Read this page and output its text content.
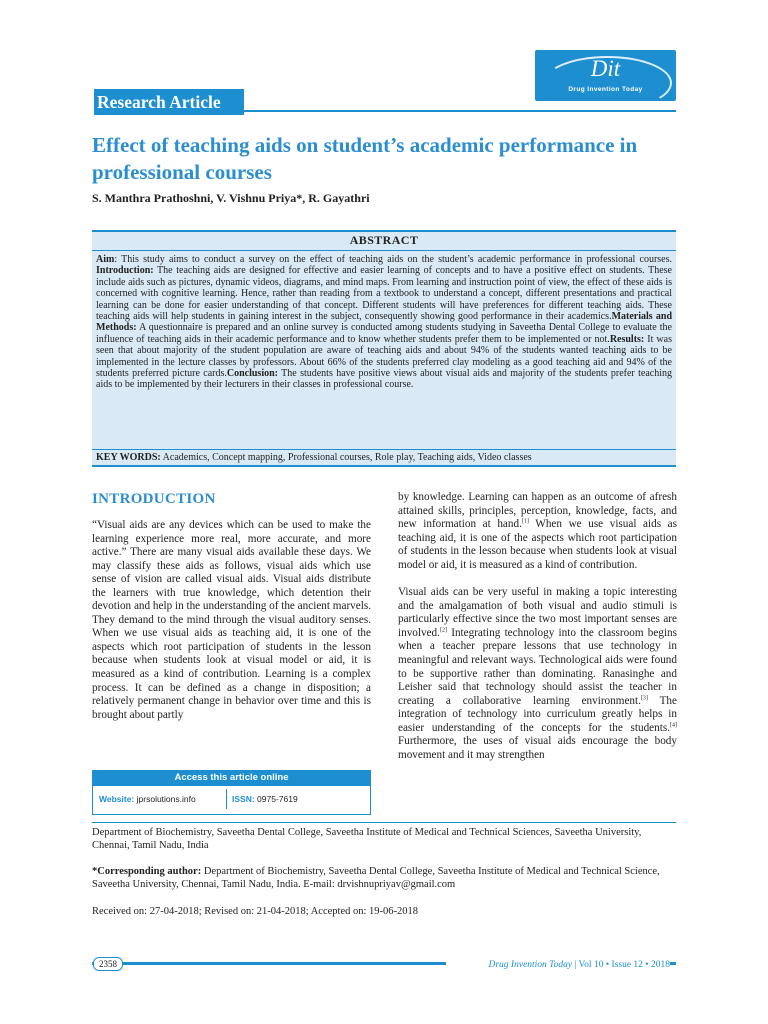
Dit
Drug Invention Today
Research Article
Effect of teaching aids on student’s academic performance in professional courses
S. Manthra Prathoshni, V. Vishnu Priya*, R. Gayathri
ABSTRACT
Aim: This study aims to conduct a survey on the effect of teaching aids on the student’s academic performance in professional courses. Introduction: The teaching aids are designed for effective and easier learning of concepts and to have a positive effect on students. These include aids such as pictures, dynamic videos, diagrams, and mind maps. From learning and instruction point of view, the effect of these aids is concerned with cognitive learning. Hence, rather than reading from a textbook to understand a concept, different presentations and practical learning can be done for easier understanding of that concept. Different students will have preferences for different teaching aids. These teaching aids will help students in gaining interest in the subject, consequently showing good performance in their academics.Materials and Methods: A questionnaire is prepared and an online survey is conducted among students studying in Saveetha Dental College to evaluate the influence of teaching aids in their academic performance and to know whether students prefer them to be implemented or not.Results: It was seen that about majority of the student population are aware of teaching aids and about 94% of the students wanted teaching aids to be implemented in the lecture classes by professors. About 66% of the students preferred clay modeling as a good teaching aid and 94% of the students preferred picture cards.Conclusion: The students have positive views about visual aids and majority of the students prefer teaching aids to be implemented by their lecturers in their classes in professional course.
KEY WORDS: Academics, Concept mapping, Professional courses, Role play, Teaching aids, Video classes
INTRODUCTION

“Visual aids are any devices which can be used to make the learning experience more real, more accurate, and more active.” There are many visual aids available these days. We may classify these aids as follows, visual aids which use sense of vision are called visual aids. Visual aids distribute the learners with true knowledge, which detention their devotion and help in the understanding of the ancient marvels. They demand to the mind through the visual auditory senses. When we use visual aids as teaching aid, it is one of the aspects which root participation of students in the lesson because when students look at visual model or aid, it is measured as a kind of contribution. Learning is a complex process. It can be defined as a change in disposition; a relatively permanent change in behavior over time and this is brought about partly

by knowledge. Learning can happen as an outcome of afresh attained skills, principles, perception, knowledge, facts, and new information at hand.[1] When we use visual aids as teaching aid, it is one of the aspects which root participation of students in the lesson because when students look at visual model or aid, it is measured as a kind of contribution.

Visual aids can be very useful in making a topic interesting and the amalgamation of both visual and audio stimuli is particularly effective since the two most important senses are involved.[2] Integrating technology into the classroom begins when a teacher prepare lessons that use technology in meaningful and relevant ways. Technological aids were found to be supportive rather than dominating. Ranasinghe and Leisher said that technology should assist the teacher in creating a collaborative learning environment.[3] The integration of technology into curriculum greatly helps in easier understanding of the concepts for the students.[4] Furthermore, the uses of visual aids encourage the body movement and it may strengthen

Access this article online
Website: jprsolutions.info	ISSN: 0975-7619
Department of Biochemistry, Saveetha Dental College, Saveetha Institute of Medical and Technical Sciences, Saveetha University, Chennai, Tamil Nadu, India
*Corresponding author: Department of Biochemistry, Saveetha Dental College, Saveetha Institute of Medical and Technical Science, Saveetha University, Chennai, Tamil Nadu, India. E-mail: drvishnupriyav@gmail.com
Received on: 27-04-2018; Revised on: 21-04-2018; Accepted on: 19-06-2018
2358	Drug Invention Today | Vol 10 • Issue 12 • 2018
